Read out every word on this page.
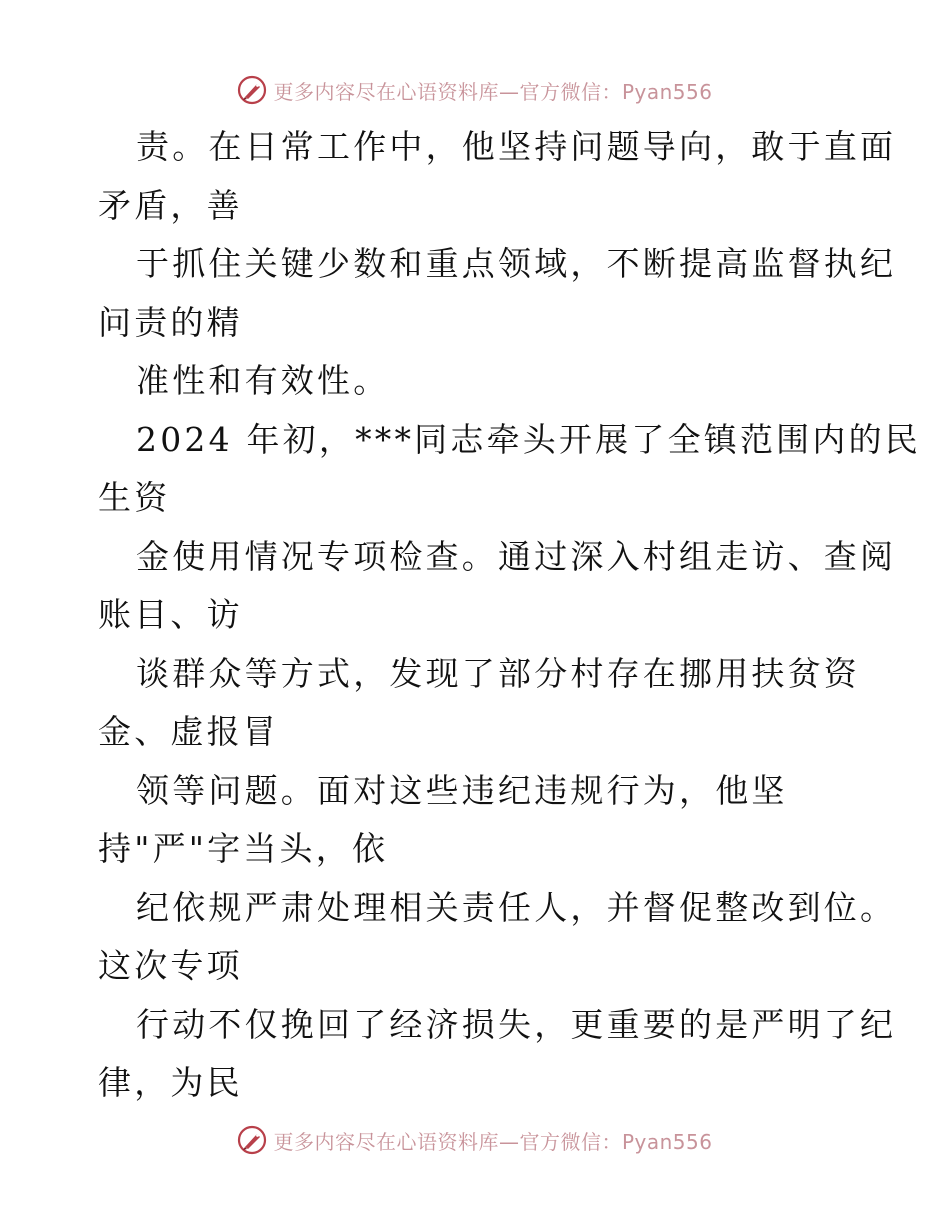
更多内容尽在心语资料库—官方微信：Pyan556
责。在日常工作中，他坚持问题导向，敢于直面
矛盾，善
于抓住关键少数和重点领域，不断提高监督执纪
问责的精
准性和有效性。
2024 年初，***同志牵头开展了全镇范围内的民
生资
金使用情况专项检查。通过深入村组走访、查阅
账目、访
谈群众等方式，发现了部分村存在挪用扶贫资
金、虚报冒
领等问题。面对这些违纪违规行为，他坚
持"严"字当头，依
纪依规严肃处理相关责任人，并督促整改到位。
这次专项
行动不仅挽回了经济损失，更重要的是严明了纪
律，为民
更多内容尽在心语资料库—官方微信：Pyan556
